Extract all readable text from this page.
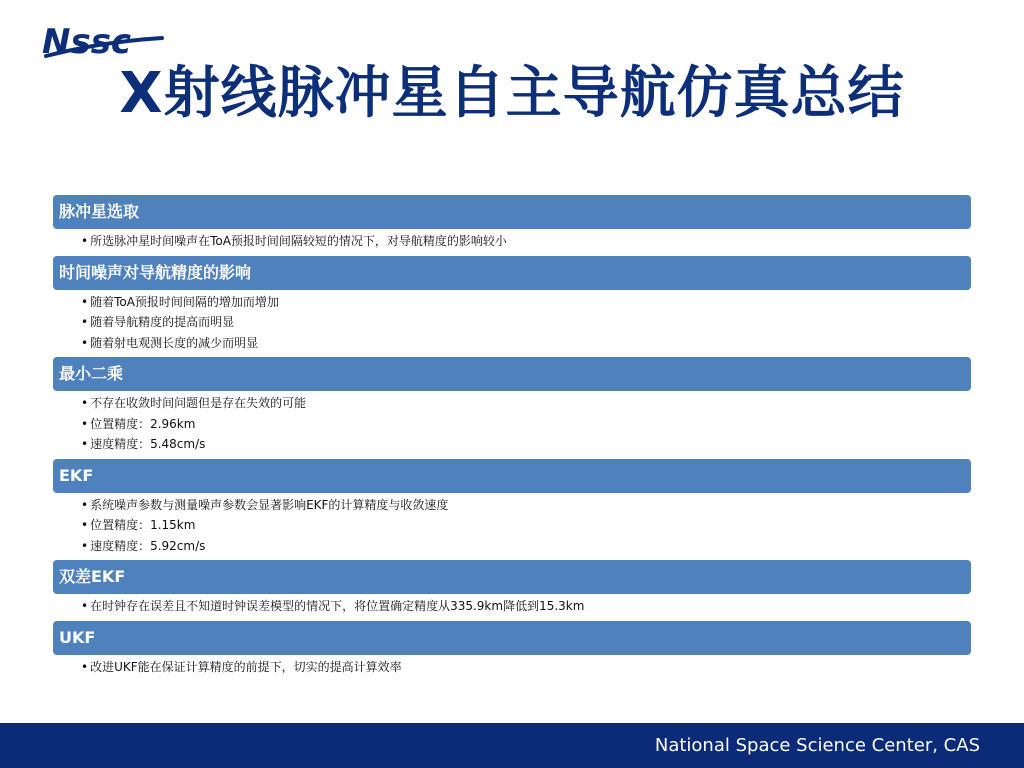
Nssc
X射线脉冲星自主导航仿真总结
脉冲星选取
• 所选脉冲星时间噪声在ToA预报时间间隔较短的情况下，对导航精度的影响较小
时间噪声对导航精度的影响
• 随着ToA预报时间间隔的增加而增加
• 随着导航精度的提高而明显
• 随着射电观测长度的减少而明显
最小二乘
• 不存在收敛时间问题但是存在失效的可能
• 位置精度：2.96km
• 速度精度：5.48cm/s
EKF
• 系统噪声参数与测量噪声参数会显著影响EKF的计算精度与收敛速度
• 位置精度：1.15km
• 速度精度：5.92cm/s
双差EKF
• 在时钟存在误差且不知道时钟误差模型的情况下，将位置确定精度从335.9km降低到15.3km
UKF
• 改进UKF能在保证计算精度的前提下，切实的提高计算效率
National Space Science Center, CAS
